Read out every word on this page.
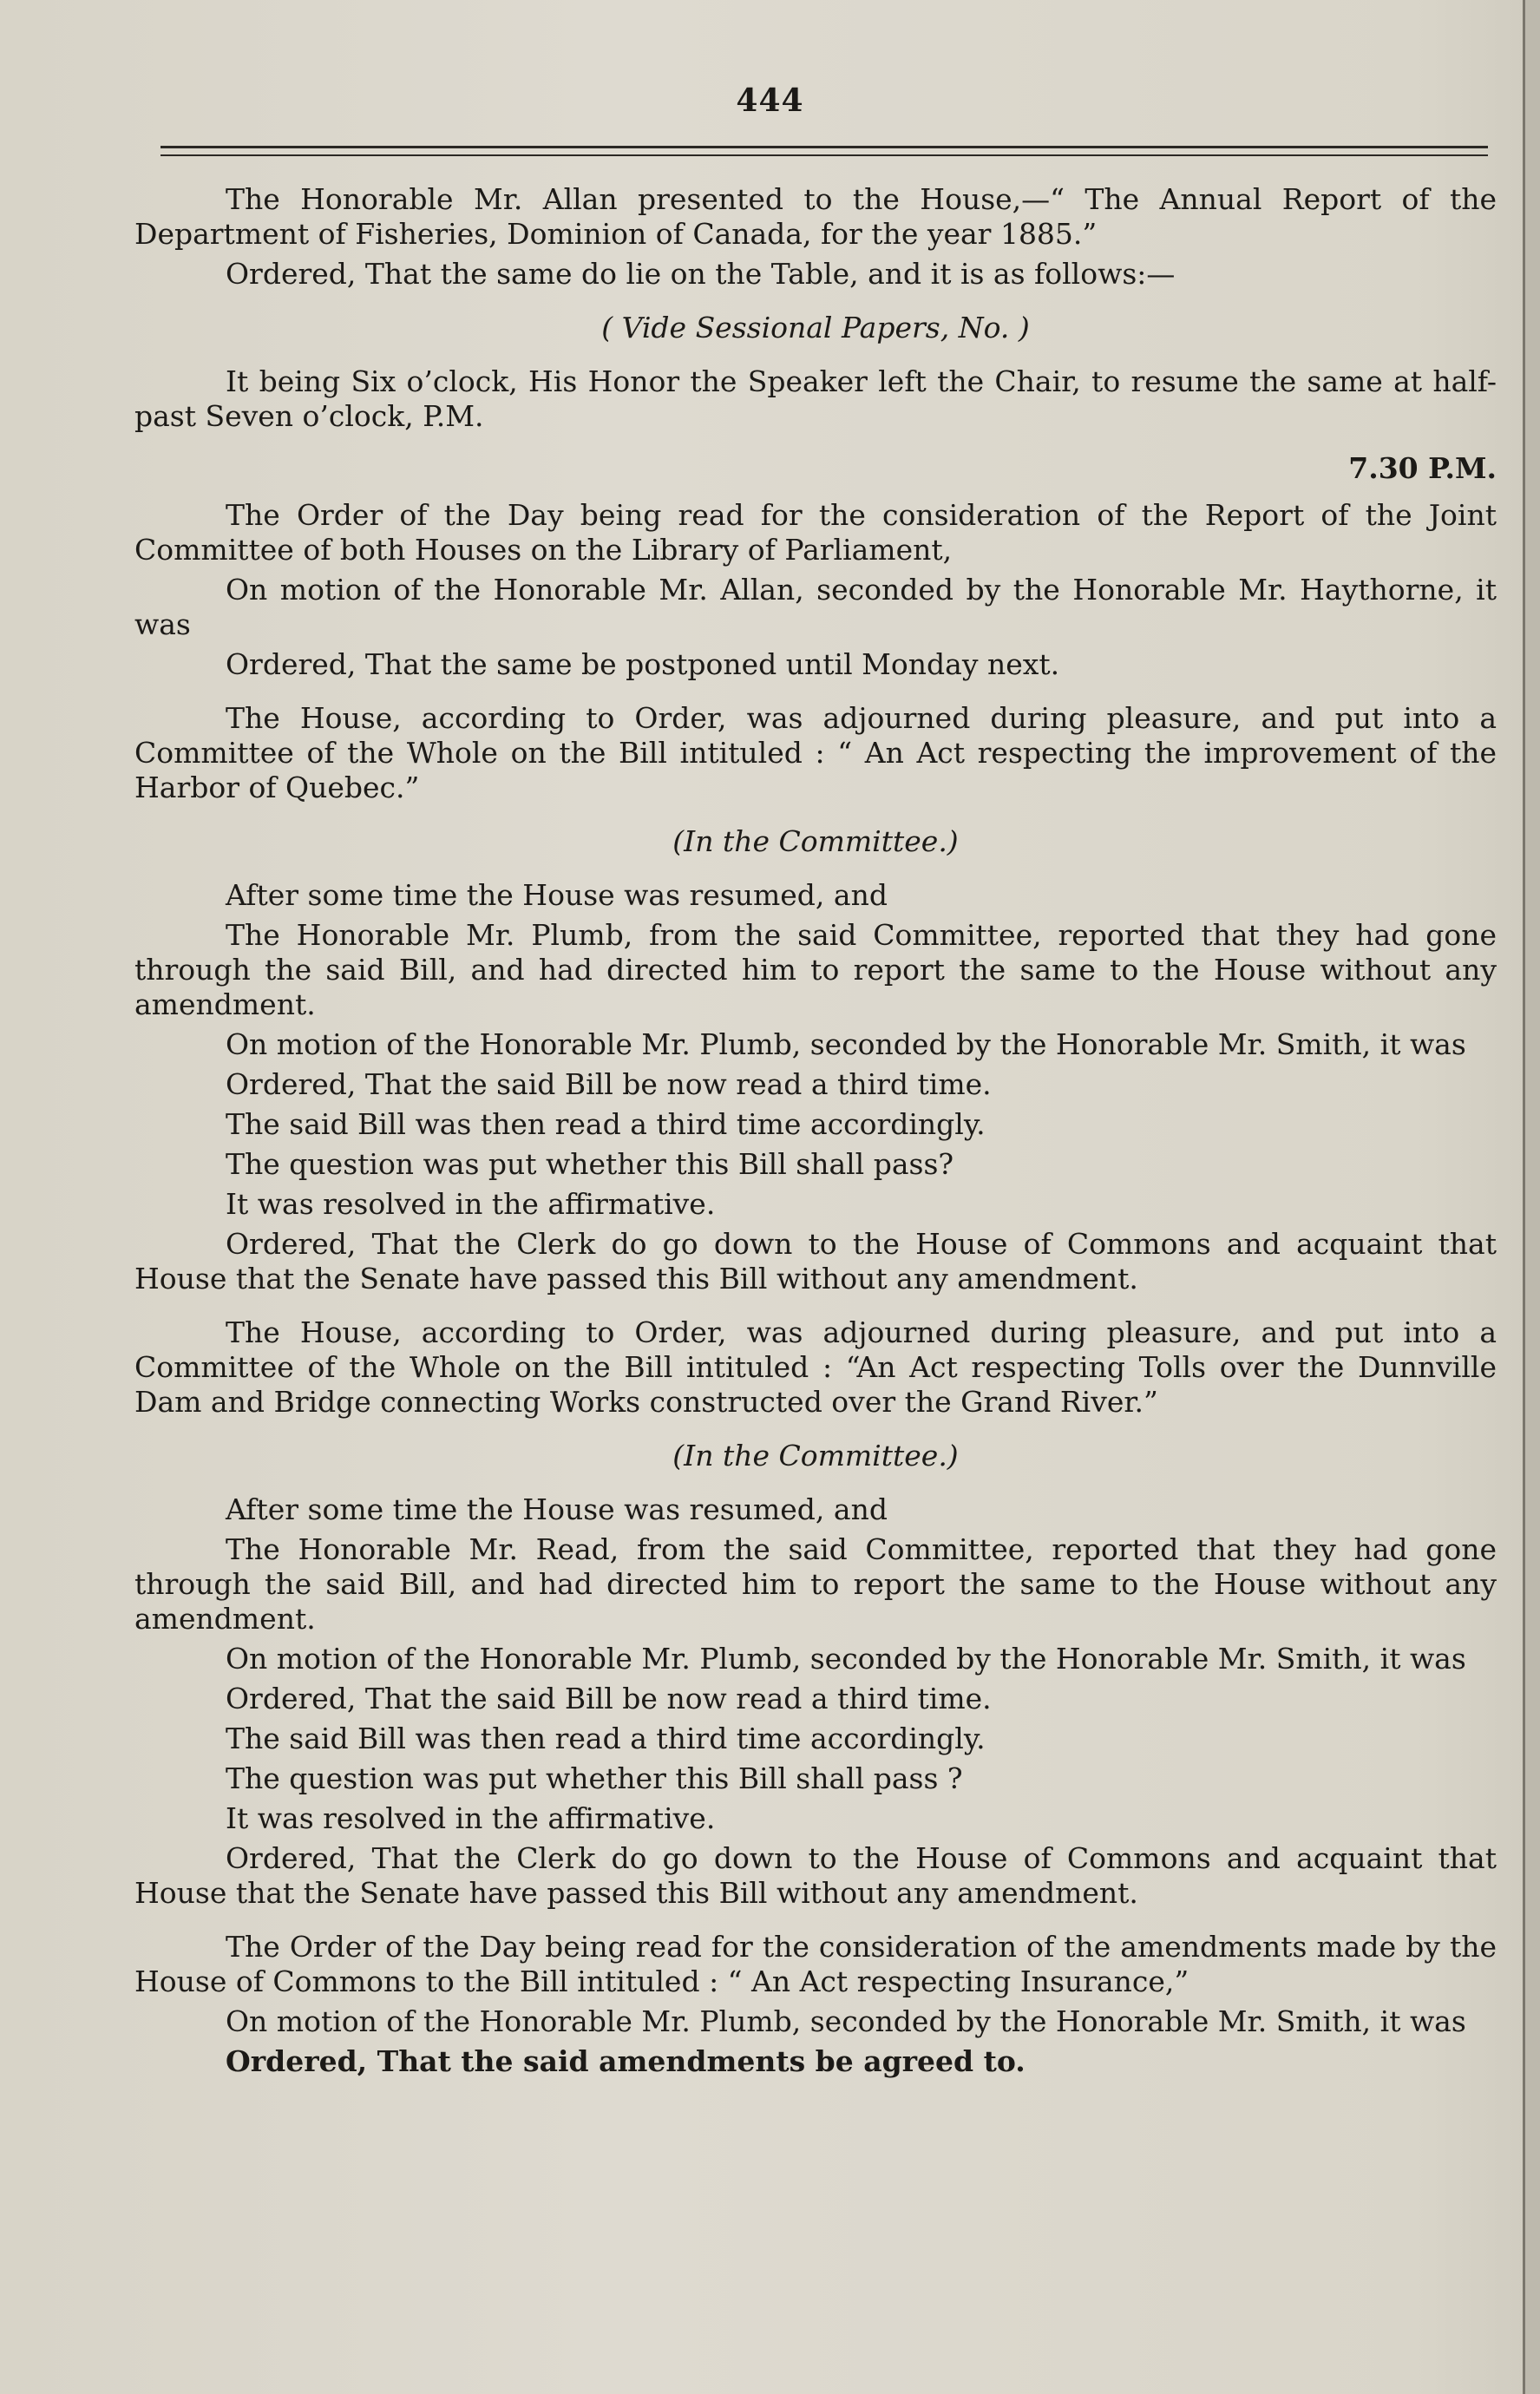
444

The Honorable Mr. Allan presented to the House,—“ The Annual Report of the Department of Fisheries, Dominion of Canada, for the year 1885.”

Ordered, That the same do lie on the Table, and it is as follows:—

( Vide Sessional Papers, No. )

It being Six o’clock, His Honor the Speaker left the Chair, to resume the same at half-past Seven o’clock, P.M.

7.30 P.M.

The Order of the Day being read for the consideration of the Report of the Joint Committee of both Houses on the Library of Parliament,

On motion of the Honorable Mr. Allan, seconded by the Honorable Mr. Haythorne, it was

Ordered, That the same be postponed until Monday next.

The House, according to Order, was adjourned during pleasure, and put into a Committee of the Whole on the Bill intituled : “ An Act respecting the improvement of the Harbor of Quebec.”

(In the Committee.)

After some time the House was resumed, and

The Honorable Mr. Plumb, from the said Committee, reported that they had gone through the said Bill, and had directed him to report the same to the House without any amendment.

On motion of the Honorable Mr. Plumb, seconded by the Honorable Mr. Smith, it was

Ordered, That the said Bill be now read a third time.

The said Bill was then read a third time accordingly.

The question was put whether this Bill shall pass?

It was resolved in the affirmative.

Ordered, That the Clerk do go down to the House of Commons and acquaint that House that the Senate have passed this Bill without any amendment.

The House, according to Order, was adjourned during pleasure, and put into a Committee of the Whole on the Bill intituled : “An Act respecting Tolls over the Dunnville Dam and Bridge connecting Works constructed over the Grand River.”

(In the Committee.)

After some time the House was resumed, and

The Honorable Mr. Read, from the said Committee, reported that they had gone through the said Bill, and had directed him to report the same to the House without any amendment.

On motion of the Honorable Mr. Plumb, seconded by the Honorable Mr. Smith, it was

Ordered, That the said Bill be now read a third time.

The said Bill was then read a third time accordingly.

The question was put whether this Bill shall pass ?

It was resolved in the affirmative.

Ordered, That the Clerk do go down to the House of Commons and acquaint that House that the Senate have passed this Bill without any amendment.

The Order of the Day being read for the consideration of the amendments made by the House of Commons to the Bill intituled : “ An Act respecting Insurance,”

On motion of the Honorable Mr. Plumb, seconded by the Honorable Mr. Smith, it was

Ordered, That the said amendments be agreed to.
